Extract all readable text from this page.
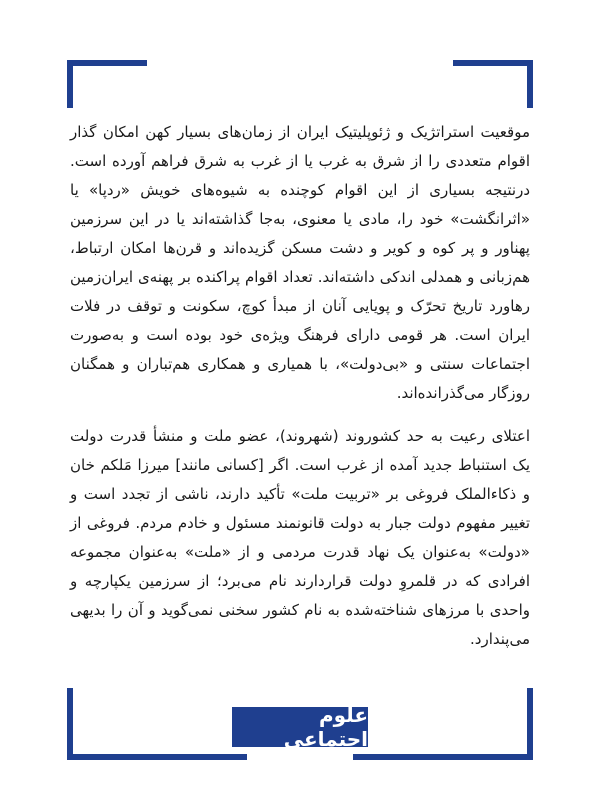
موقعیت استراتژیک و ژئوپلیتیک ایران از زمان‌های بسیار کهن امکان گذار اقوام متعددی را از شرق به غرب یا از غرب به شرق فراهم آورده است. درنتیجه بسیاری از این اقوام کوچنده به شیوه‌های خویش «ردپا» یا «اثرانگشت» خود را، مادی یا معنوی، به‌جا گذاشته‌اند یا در این سرزمین پهناور و پر کوه و کویر و دشت مسکن گزیده‌اند و قرن‌ها امکان ارتباط، هم‌زبانی و همدلی اندکی داشته‌اند. تعداد اقوام پراکنده بر پهنه‌ی ایران‌زمین رهاورد تاریخ تحرّک و پویایی آنان از مبدأ کوچ، سکونت و توقف در فلات ایران است. هر قومی دارای فرهنگ ویژه‌ی خود بوده است و به‌صورت اجتماعات سنتی و «بی‌دولت»، با همیاری و همکاری هم‌تباران و همگنان روزگار می‌گذرانده‌اند.

اعتلای رعیت به حد کشوروند (شهروند)، عضو ملت و منشأ قدرت دولت یک استنباط جدید آمده از غرب است. اگر [کسانی مانند] میرزا مَلکم خان و ذکاءالملک فروغی بر «تربیت ملت» تأکید دارند، ناشی از تجدد است و تغییر مفهوم دولت جبار به دولت قانونمند مسئول و خادم مردم. فروغی از «دولت» به‌عنوان یک نهاد قدرت مردمی و از «ملت» به‌عنوان مجموعه افرادی که در قلمروِ دولت قراردارند نام می‌برد؛ از سرزمین یکپارچه و واحدی با مرزهای شناخته‌شده به نام کشور سخنی نمی‌گوید و آن را بدیهی می‌پندارد.

علوم اجتماعی
